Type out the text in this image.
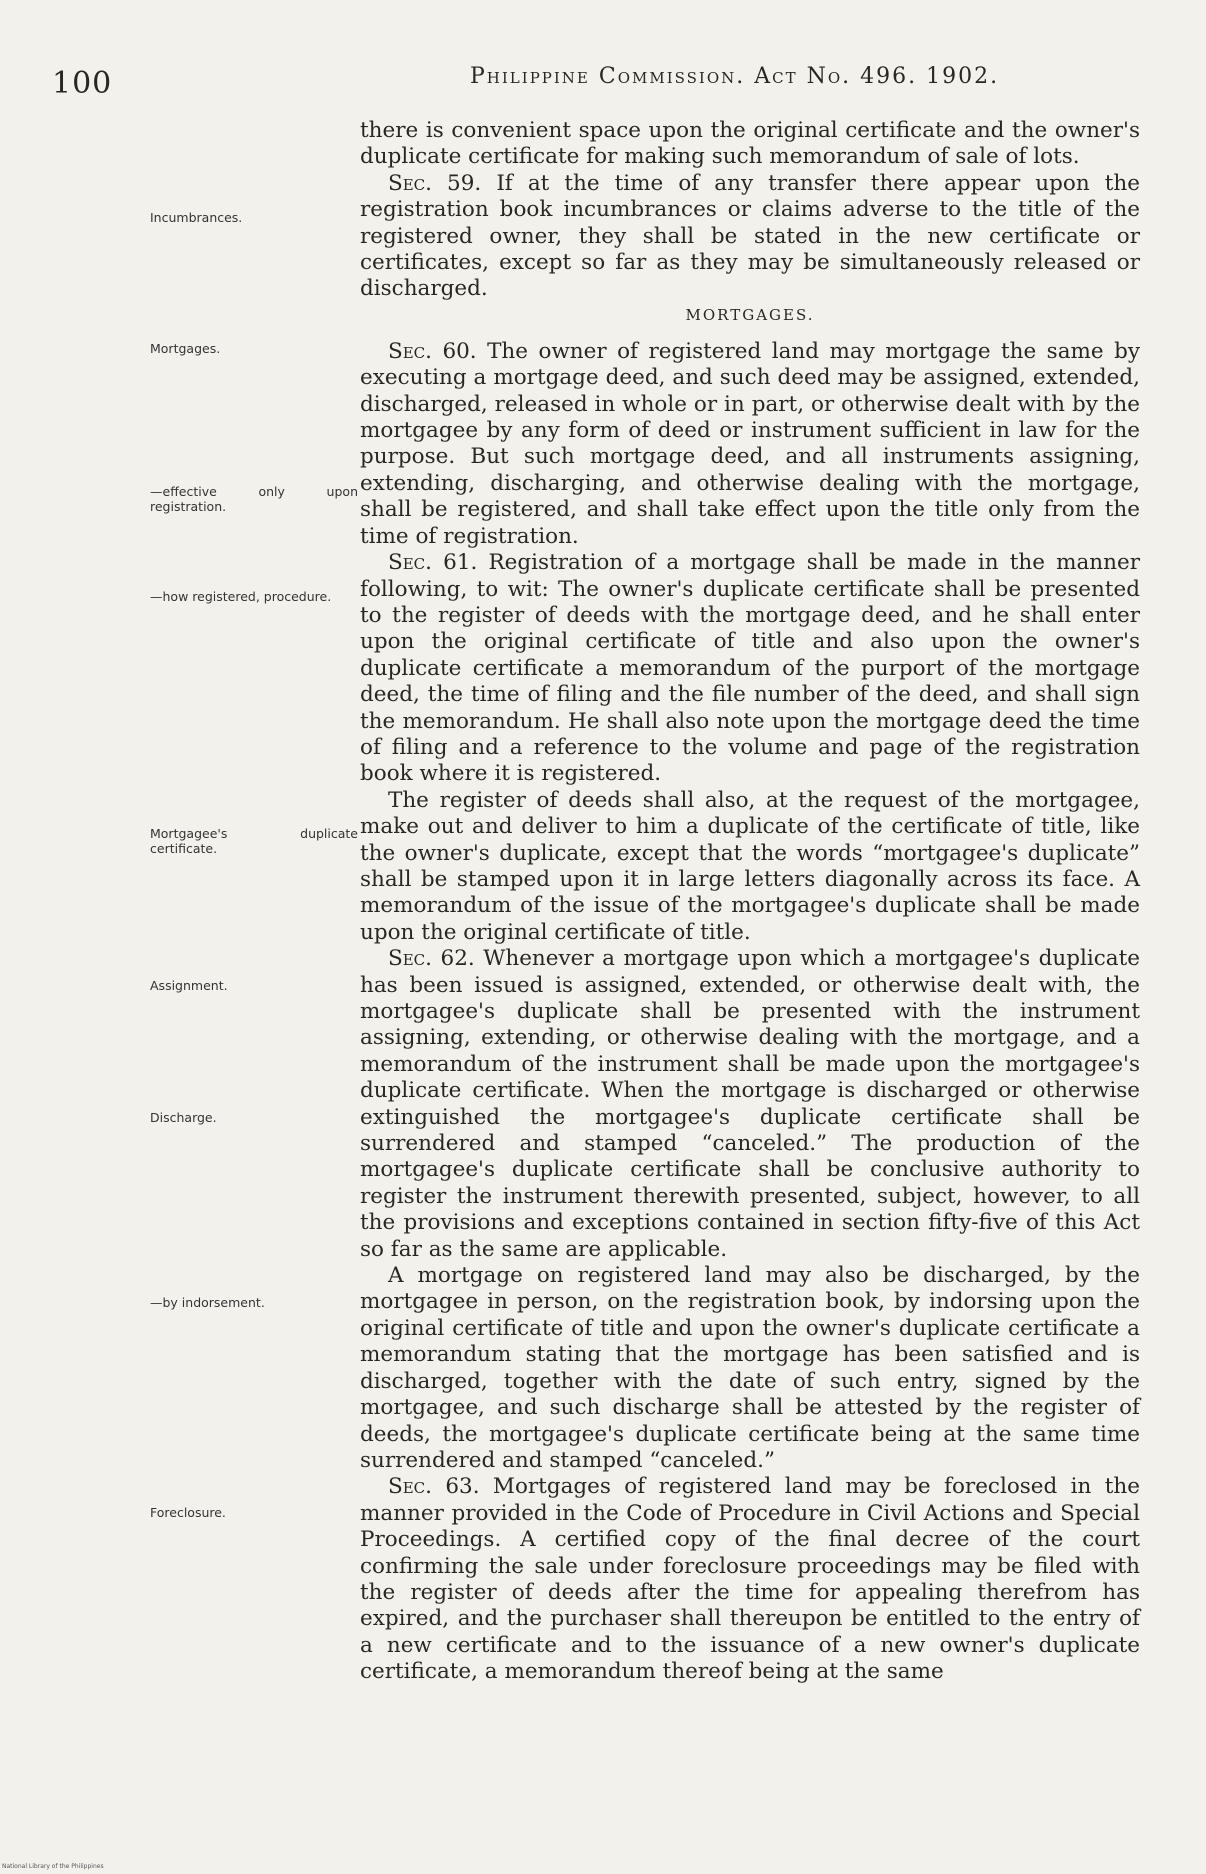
100	Philippine Commission. Act No. 496. 1902.
Incumbrances.
Mortgages.
—effective only upon registration.
—how registered, procedure.
Mortgagee's duplicate certificate.
Assignment.
Discharge.
—by indorsement.
Foreclosure.

there is convenient space upon the original certificate and the owner's duplicate certificate for making such memorandum of sale of lots.

Sec. 59. If at the time of any transfer there appear upon the registration book incumbrances or claims adverse to the title of the registered owner, they shall be stated in the new certificate or certificates, except so far as they may be simultaneously released or discharged.

MORTGAGES.

Sec. 60. The owner of registered land may mortgage the same by executing a mortgage deed, and such deed may be assigned, extended, discharged, released in whole or in part, or otherwise dealt with by the mortgagee by any form of deed or instrument sufficient in law for the purpose. But such mortgage deed, and all instruments assigning, extending, discharging, and otherwise dealing with the mortgage, shall be registered, and shall take effect upon the title only from the time of registration.

Sec. 61. Registration of a mortgage shall be made in the manner following, to wit: The owner's duplicate certificate shall be presented to the register of deeds with the mortgage deed, and he shall enter upon the original certificate of title and also upon the owner's duplicate certificate a memorandum of the purport of the mortgage deed, the time of filing and the file number of the deed, and shall sign the memorandum. He shall also note upon the mortgage deed the time of filing and a reference to the volume and page of the registration book where it is registered.

The register of deeds shall also, at the request of the mortgagee, make out and deliver to him a duplicate of the certificate of title, like the owner's duplicate, except that the words “mortgagee's duplicate” shall be stamped upon it in large letters diagonally across its face. A memorandum of the issue of the mortgagee's duplicate shall be made upon the original certificate of title.

Sec. 62. Whenever a mortgage upon which a mortgagee's duplicate has been issued is assigned, extended, or otherwise dealt with, the mortgagee's duplicate shall be presented with the instrument assigning, extending, or otherwise dealing with the mortgage, and a memorandum of the instrument shall be made upon the mortgagee's duplicate certificate. When the mortgage is discharged or otherwise extinguished the mortgagee's duplicate certificate shall be surrendered and stamped “canceled.” The production of the mortgagee's duplicate certificate shall be conclusive authority to register the instrument therewith presented, subject, however, to all the provisions and exceptions contained in section fifty-five of this Act so far as the same are applicable.

A mortgage on registered land may also be discharged, by the mortgagee in person, on the registration book, by indorsing upon the original certificate of title and upon the owner's duplicate certificate a memorandum stating that the mortgage has been satisfied and is discharged, together with the date of such entry, signed by the mortgagee, and such discharge shall be attested by the register of deeds, the mortgagee's duplicate certificate being at the same time surrendered and stamped “canceled.”

Sec. 63. Mortgages of registered land may be foreclosed in the manner provided in the Code of Procedure in Civil Actions and Special Proceedings. A certified copy of the final decree of the court confirming the sale under foreclosure proceedings may be filed with the register of deeds after the time for appealing therefrom has expired, and the purchaser shall thereupon be entitled to the entry of a new certificate and to the issuance of a new owner's duplicate certificate, a memorandum thereof being at the same

National Library of the Philippines
